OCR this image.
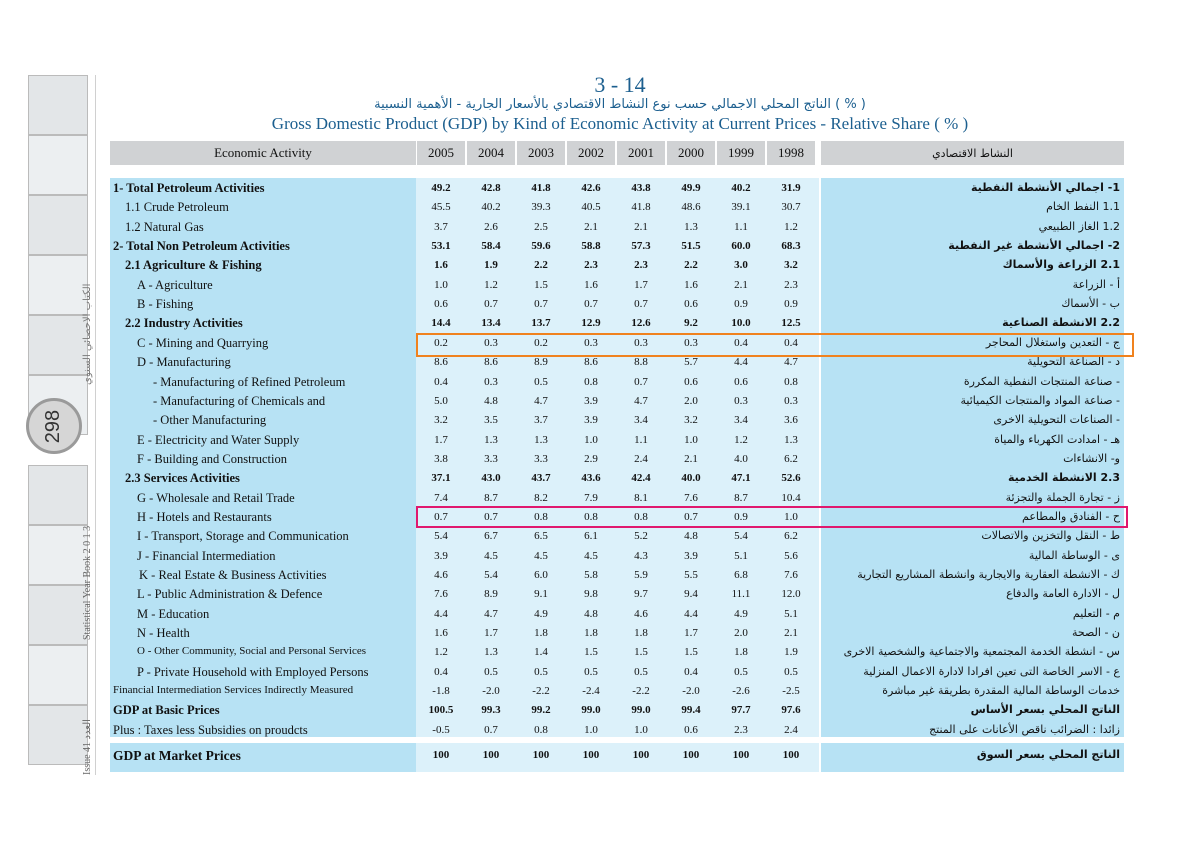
298
Statistical Year Book 2 0 1 3
الكتاب الاحصائي السنوي
Issue 41 العدد
3 - 14
الناتج المحلي الاجمالي حسب نوع النشاط الاقتصادي بالأسعار الجارية - الأهمية النسبية ( % )
Gross Domestic Product (GDP) by Kind of Economic Activity at Current Prices - Relative Share ( % )
Economic Activity	2005	2004	2003	2002	2001	2000	1999	1998	النشاط الاقتصادي
1- Total Petroleum Activities	49.2	42.8	41.8	42.6	43.8	49.9	40.2	31.9	1- اجمالي الأنشطة النفطية
1.1 Crude Petroleum	45.5	40.2	39.3	40.5	41.8	48.6	39.1	30.7	1.1 النفط الخام
1.2 Natural Gas	3.7	2.6	2.5	2.1	2.1	1.3	1.1	1.2	1.2 الغاز الطبيعي
2- Total Non Petroleum Activities	53.1	58.4	59.6	58.8	57.3	51.5	60.0	68.3	2- اجمالي الأنشطة غير النفطية
2.1 Agriculture & Fishing	1.6	1.9	2.2	2.3	2.3	2.2	3.0	3.2	2.1 الزراعة والأسماك
A - Agriculture	1.0	1.2	1.5	1.6	1.7	1.6	2.1	2.3	أ - الزراعة
B - Fishing	0.6	0.7	0.7	0.7	0.7	0.6	0.9	0.9	ب - الأسماك
2.2 Industry Activities	14.4	13.4	13.7	12.9	12.6	9.2	10.0	12.5	2.2 الانشطة الصناعية
C - Mining and Quarrying	0.2	0.3	0.2	0.3	0.3	0.3	0.4	0.4	ج - التعدين واستغلال المحاجر
D - Manufacturing	8.6	8.6	8.9	8.6	8.8	5.7	4.4	4.7	د - الصناعة التحويلية
- Manufacturing of Refined Petroleum	0.4	0.3	0.5	0.8	0.7	0.6	0.6	0.8	- صناعة المنتجات النفطية المكررة
- Manufacturing of Chemicals and	5.0	4.8	4.7	3.9	4.7	2.0	0.3	0.3	- صناعة المواد والمنتجات الكيميائية
- Other Manufacturing	3.2	3.5	3.7	3.9	3.4	3.2	3.4	3.6	- الصناعات التحويلية الاخرى
E - Electricity and Water Supply	1.7	1.3	1.3	1.0	1.1	1.0	1.2	1.3	هـ - امدادت الكهرباء والمياة
F - Building and Construction	3.8	3.3	3.3	2.9	2.4	2.1	4.0	6.2	و- الانشاءات
2.3 Services Activities	37.1	43.0	43.7	43.6	42.4	40.0	47.1	52.6	2.3 الانشطة الخدمية
G - Wholesale and Retail Trade	7.4	8.7	8.2	7.9	8.1	7.6	8.7	10.4	ز - تجارة الجملة والتجزئة
H - Hotels and Restaurants	0.7	0.7	0.8	0.8	0.8	0.7	0.9	1.0	ح - الفنادق والمطاعم
I - Transport, Storage and Communication	5.4	6.7	6.5	6.1	5.2	4.8	5.4	6.2	ط - النقل والتخزين والاتصالات
J - Financial Intermediation	3.9	4.5	4.5	4.5	4.3	3.9	5.1	5.6	ى - الوساطة المالية
K - Real Estate & Business Activities	4.6	5.4	6.0	5.8	5.9	5.5	6.8	7.6	ك - الانشطة العقارية والايجارية وانشطة المشاريع التجارية
L - Public Administration & Defence	7.6	8.9	9.1	9.8	9.7	9.4	11.1	12.0	ل - الادارة العامة والدفاع
M - Education	4.4	4.7	4.9	4.8	4.6	4.4	4.9	5.1	م - التعليم
N - Health	1.6	1.7	1.8	1.8	1.8	1.7	2.0	2.1	ن - الصحة
O - Other Community, Social and Personal Services	1.2	1.3	1.4	1.5	1.5	1.5	1.8	1.9	س - انشطة الخدمة المجتمعية والاجتماعية والشخصية الاخرى
P - Private Household with Employed Persons	0.4	0.5	0.5	0.5	0.5	0.4	0.5	0.5	ع - الاسر الخاصة التى تعين افرادا لادارة الاعمال المنزلية
Financial Intermediation Services Indirectly Measured	-1.8	-2.0	-2.2	-2.4	-2.2	-2.0	-2.6	-2.5	خدمات الوساطة المالية المقدرة بطريقة غير مباشرة
GDP at Basic Prices	100.5	99.3	99.2	99.0	99.0	99.4	97.7	97.6	الناتج المحلي بسعر الأساس
Plus : Taxes less Subsidies on proudcts	-0.5	0.7	0.8	1.0	1.0	0.6	2.3	2.4	زائدا : الضرائب ناقص الأعانات على المنتج
GDP at Market Prices	100	100	100	100	100	100	100	100	الناتج المحلي بسعر السوق
